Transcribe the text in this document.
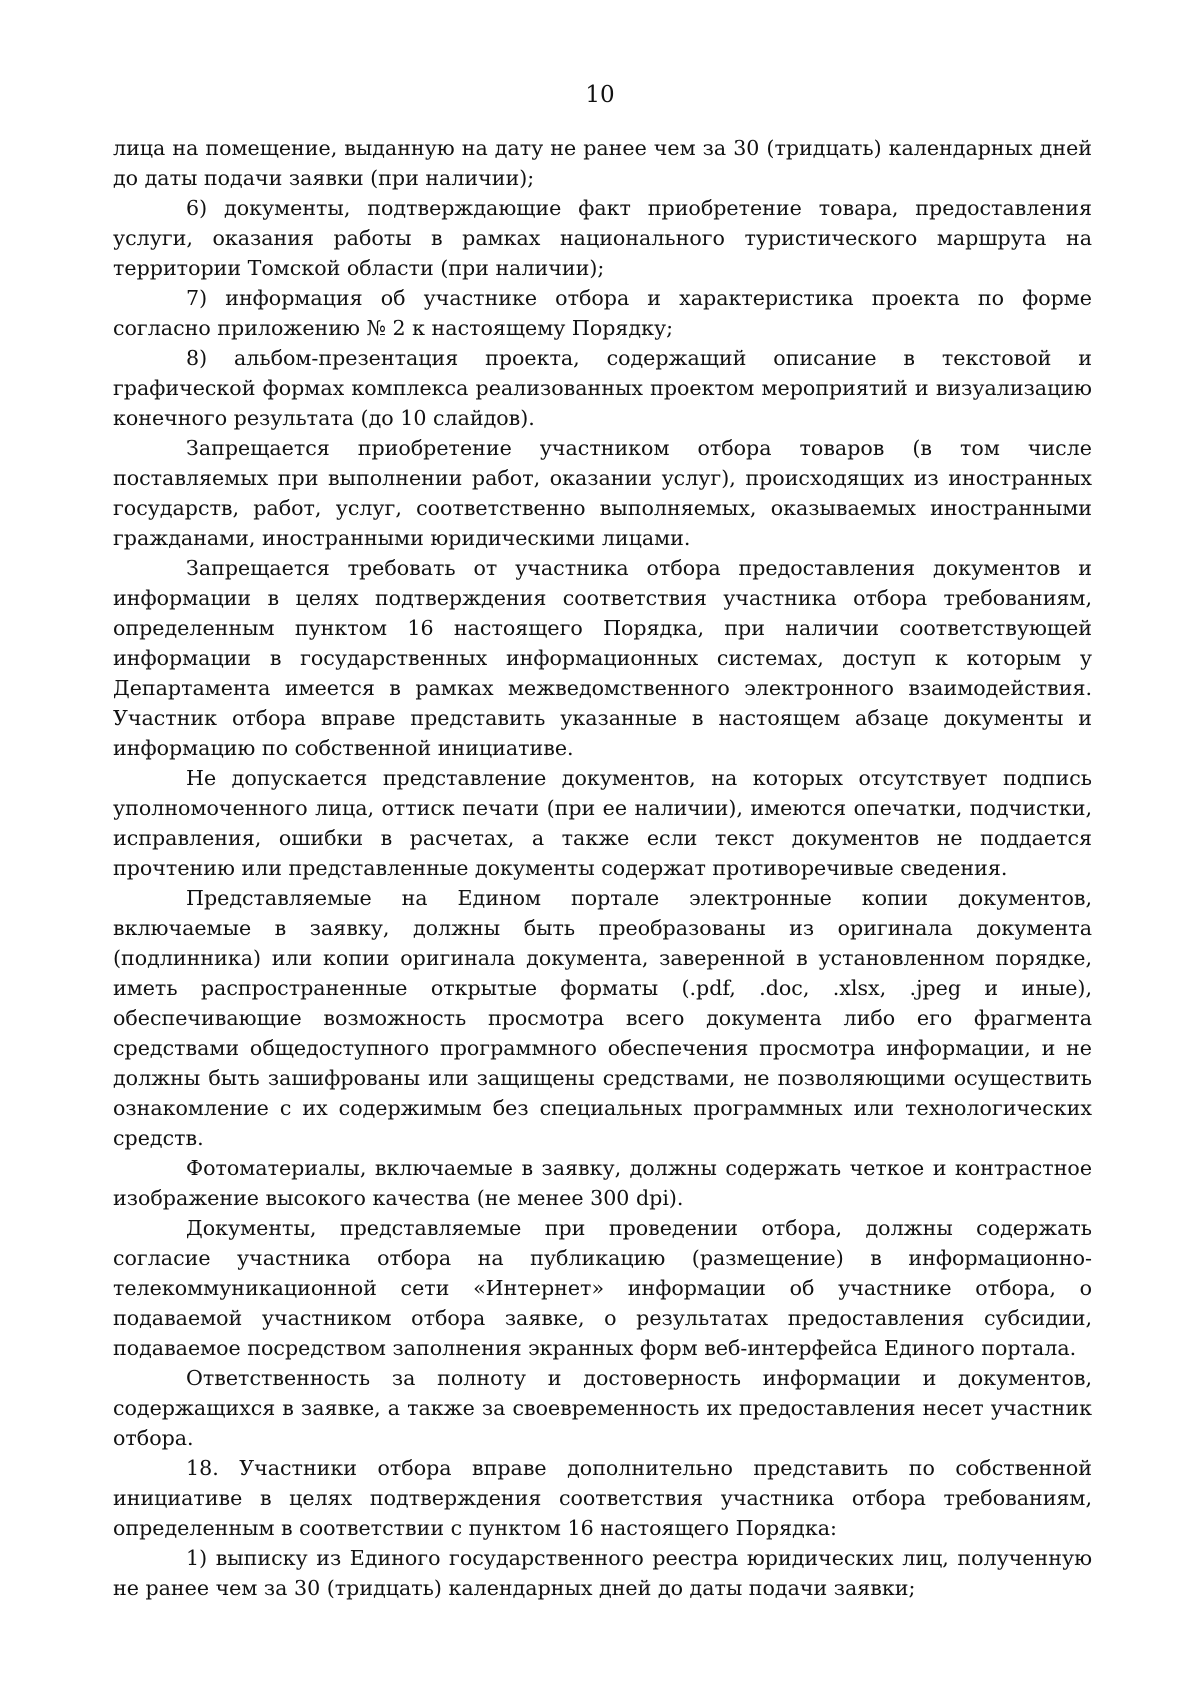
10

лица на помещение, выданную на дату не ранее чем за 30 (тридцать) календарных дней до даты подачи заявки (при наличии);

6) документы, подтверждающие факт приобретение товара, предоставления услуги, оказания работы в рамках национального туристического маршрута на территории Томской области (при наличии);

7) информация об участнике отбора и характеристика проекта по форме согласно приложению № 2 к настоящему Порядку;

8) альбом-презентация проекта, содержащий описание в текстовой и графической формах комплекса реализованных проектом мероприятий и визуализацию конечного результата (до 10 слайдов).

Запрещается приобретение участником отбора товаров (в том числе поставляемых при выполнении работ, оказании услуг), происходящих из иностранных государств, работ, услуг, соответственно выполняемых, оказываемых иностранными гражданами, иностранными юридическими лицами.

Запрещается требовать от участника отбора предоставления документов и информации в целях подтверждения соответствия участника отбора требованиям, определенным пунктом 16 настоящего Порядка, при наличии соответствующей информации в государственных информационных системах, доступ к которым у Департамента имеется в рамках межведомственного электронного взаимодействия. Участник отбора вправе представить указанные в настоящем абзаце документы и информацию по собственной инициативе.

Не допускается представление документов, на которых отсутствует подпись уполномоченного лица, оттиск печати (при ее наличии), имеются опечатки, подчистки, исправления, ошибки в расчетах, а также если текст документов не поддается прочтению или представленные документы содержат противоречивые сведения.

Представляемые на Едином портале электронные копии документов, включаемые в заявку, должны быть преобразованы из оригинала документа (подлинника) или копии оригинала документа, заверенной в установленном порядке, иметь распространенные открытые форматы (.pdf, .doc, .xlsx, .jpeg и иные), обеспечивающие возможность просмотра всего документа либо его фрагмента средствами общедоступного программного обеспечения просмотра информации, и не должны быть зашифрованы или защищены средствами, не позволяющими осуществить ознакомление с их содержимым без специальных программных или технологических средств.

Фотоматериалы, включаемые в заявку, должны содержать четкое и контрастное изображение высокого качества (не менее 300 dpi).

Документы, представляемые при проведении отбора, должны содержать согласие участника отбора на публикацию (размещение) в информационно-телекоммуникационной сети «Интернет» информации об участнике отбора, о подаваемой участником отбора заявке, о результатах предоставления субсидии, подаваемое посредством заполнения экранных форм веб-интерфейса Единого портала.

Ответственность за полноту и достоверность информации и документов, содержащихся в заявке, а также за своевременность их предоставления несет участник отбора.

18. Участники отбора вправе дополнительно представить по собственной инициативе в целях подтверждения соответствия участника отбора требованиям, определенным в соответствии с пунктом 16 настоящего Порядка:

1) выписку из Единого государственного реестра юридических лиц, полученную не ранее чем за 30 (тридцать) календарных дней до даты подачи заявки;
